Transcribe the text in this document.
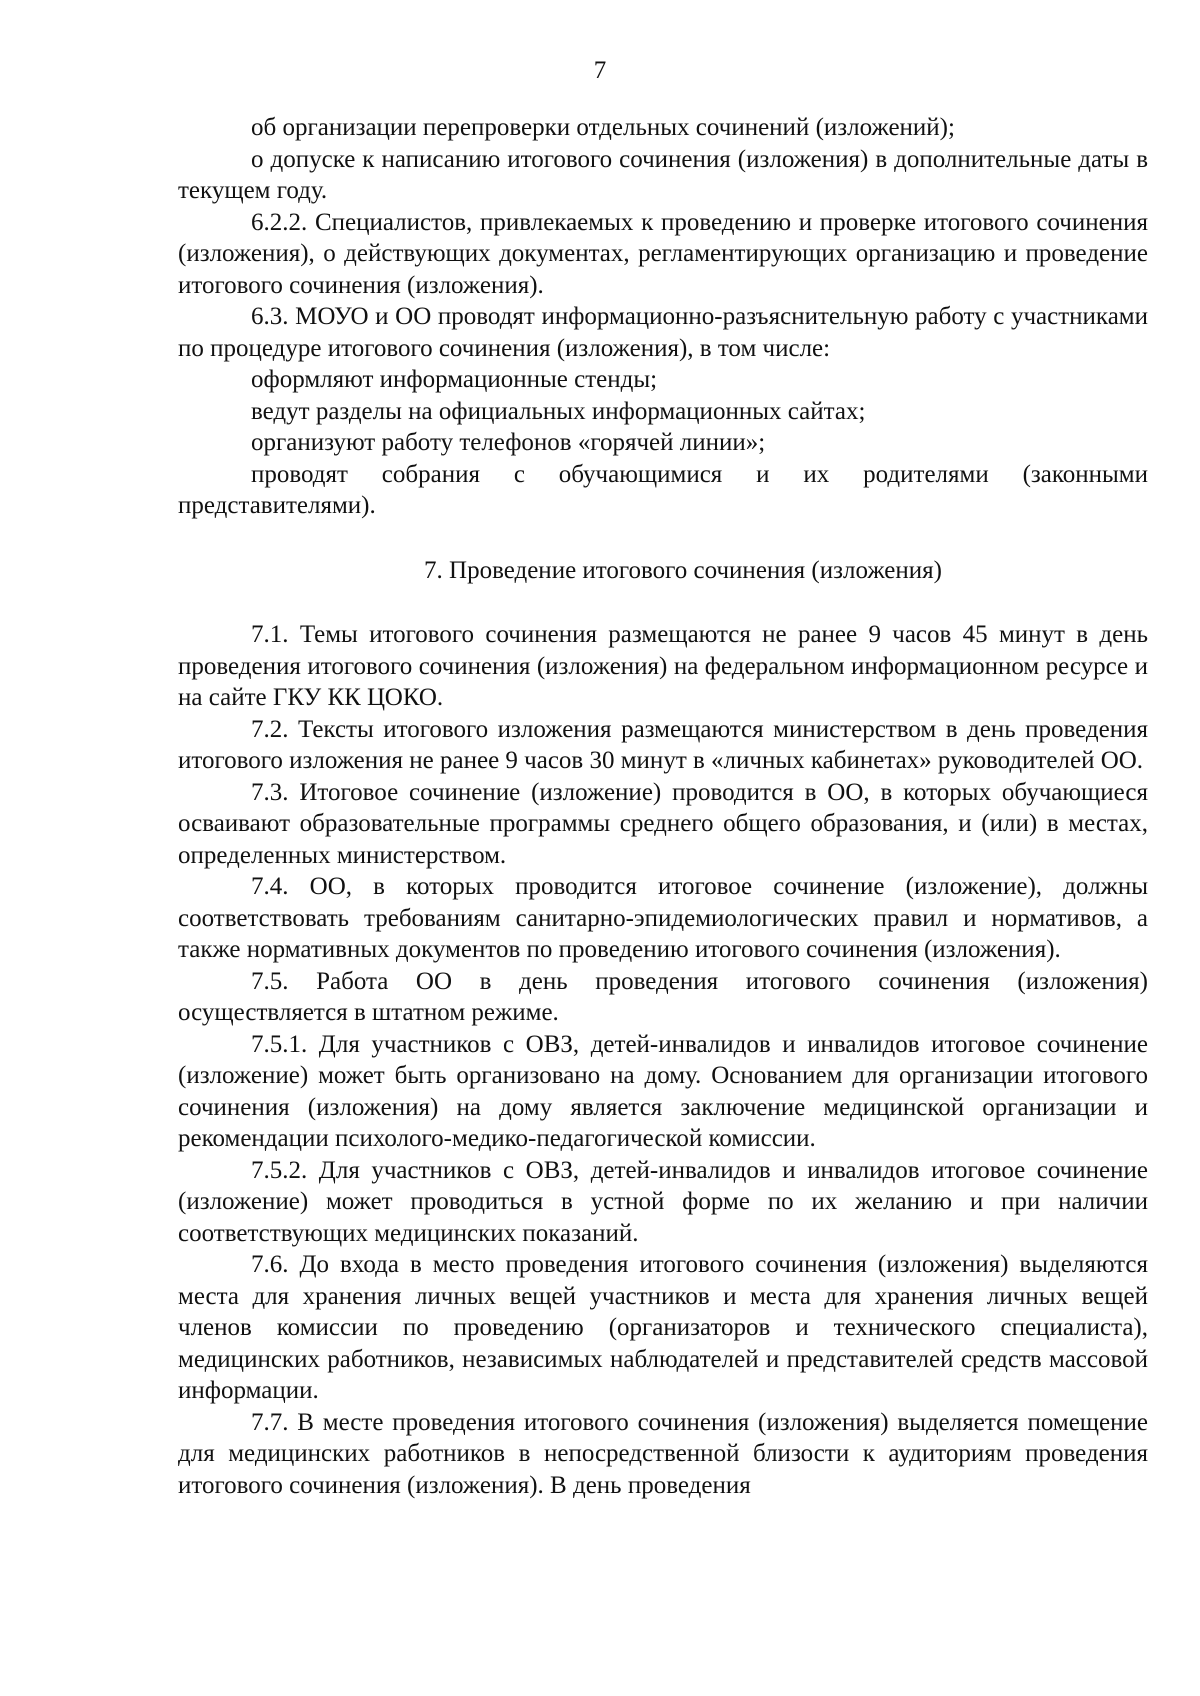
7

об организации перепроверки отдельных сочинений (изложений);

о допуске к написанию итогового сочинения (изложения) в дополнительные даты в текущем году.

6.2.2. Специалистов, привлекаемых к проведению и проверке итогового сочинения (изложения), о действующих документах, регламентирующих организацию и проведение итогового сочинения (изложения).

6.3. МОУО и ОО проводят информационно-разъяснительную работу с участниками по процедуре итогового сочинения (изложения), в том числе:

оформляют информационные стенды;

ведут разделы на официальных информационных сайтах;

организуют работу телефонов «горячей линии»;

проводят собрания с обучающимися и их родителями (законными представителями).

7. Проведение итогового сочинения (изложения)

7.1. Темы итогового сочинения размещаются не ранее 9 часов 45 минут в день проведения итогового сочинения (изложения) на федеральном информационном ресурсе и на сайте ГКУ КК ЦОКО.

7.2. Тексты итогового изложения размещаются министерством в день проведения итогового изложения не ранее 9 часов 30 минут в «личных кабинетах» руководителей ОО.

7.3. Итоговое сочинение (изложение) проводится в ОО, в которых обучающиеся осваивают образовательные программы среднего общего образования, и (или) в местах, определенных министерством.

7.4. ОО, в которых проводится итоговое сочинение (изложение), должны соответствовать требованиям санитарно-эпидемиологических правил и нормативов, а также нормативных документов по проведению итогового сочинения (изложения).

7.5. Работа ОО в день проведения итогового сочинения (изложения) осуществляется в штатном режиме.

7.5.1. Для участников с ОВЗ, детей-инвалидов и инвалидов итоговое сочинение (изложение) может быть организовано на дому. Основанием для организации итогового сочинения (изложения) на дому является заключение медицинской организации и рекомендации психолого-медико-педагогической комиссии.

7.5.2. Для участников с ОВЗ, детей-инвалидов и инвалидов итоговое сочинение (изложение) может проводиться в устной форме по их желанию и при наличии соответствующих медицинских показаний.

7.6. До входа в место проведения итогового сочинения (изложения) выделяются места для хранения личных вещей участников и места для хранения личных вещей членов комиссии по проведению (организаторов и технического специалиста), медицинских работников, независимых наблюдателей и представителей средств массовой информации.

7.7. В месте проведения итогового сочинения (изложения) выделяется помещение для медицинских работников в непосредственной близости к аудиториям проведения итогового сочинения (изложения). В день проведения
